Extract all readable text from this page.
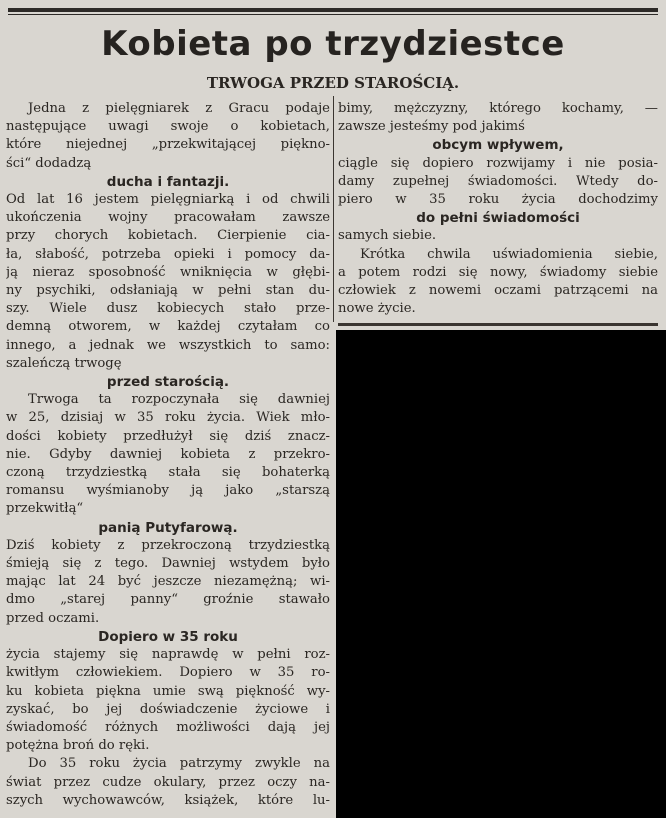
Kobieta po trzydziestce
TRWOGA PRZED STAROŚCIĄ.
Jedna z pielęgniarek z Gracu podaje
następujące uwagi swoje o kobietach,
które niejednej „przekwitającej piękno-
ści“ dodadzą
ducha i fantazji.
Od lat 16 jestem pielęgniarką i od chwili
ukończenia wojny pracowałam zawsze
przy chorych kobietach. Cierpienie cia-
ła, słabość, potrzeba opieki i pomocy da-
ją nieraz sposobność wniknięcia w głębi-
ny psychiki, odsłaniają w pełni stan du-
szy. Wiele dusz kobiecych stało prze-
demną otworem, w każdej czytałam co
innego, a jednak we wszystkich to samo:
szaleńczą trwogę
przed starością.
Trwoga ta rozpoczynała się dawniej
w 25, dzisiaj w 35 roku życia. Wiek mło-
dości kobiety przedłużył się dziś znacz-
nie. Gdyby dawniej kobieta z przekro-
czoną trzydziestką stała się bohaterką
romansu wyśmianoby ją jako „starszą
przekwitłą“
panią Putyfarową.
Dziś kobiety z przekroczoną trzydziestką
śmieją się z tego. Dawniej wstydem było
mając lat 24 być jeszcze niezamężną; wi-
dmo „starej panny“ groźnie stawało
przed oczami.
Dopiero w 35 roku
życia stajemy się naprawdę w pełni roz-
kwitłym człowiekiem. Dopiero w 35 ro-
ku kobieta piękna umie swą piękność wy-
zyskać, bo jej doświadczenie życiowe i
świadomość różnych możliwości dają jej
potężna broń do ręki.
Do 35 roku życia patrzymy zwykle na
świat przez cudze okulary, przez oczy na-
szych wychowawców, książek, które lu-
bimy, mężczyzny, którego kochamy, —
zawsze jesteśmy pod jakimś
obcym wpływem,
ciągle się dopiero rozwijamy i nie posia-
damy zupełnej świadomości. Wtedy do-
piero w 35 roku życia dochodzimy
do pełni świadomości
samych siebie.
Krótka chwila uświadomienia siebie,
a potem rodzi się nowy, świadomy siebie
człowiek z nowemi oczami patrzącemi na
nowe życie.
